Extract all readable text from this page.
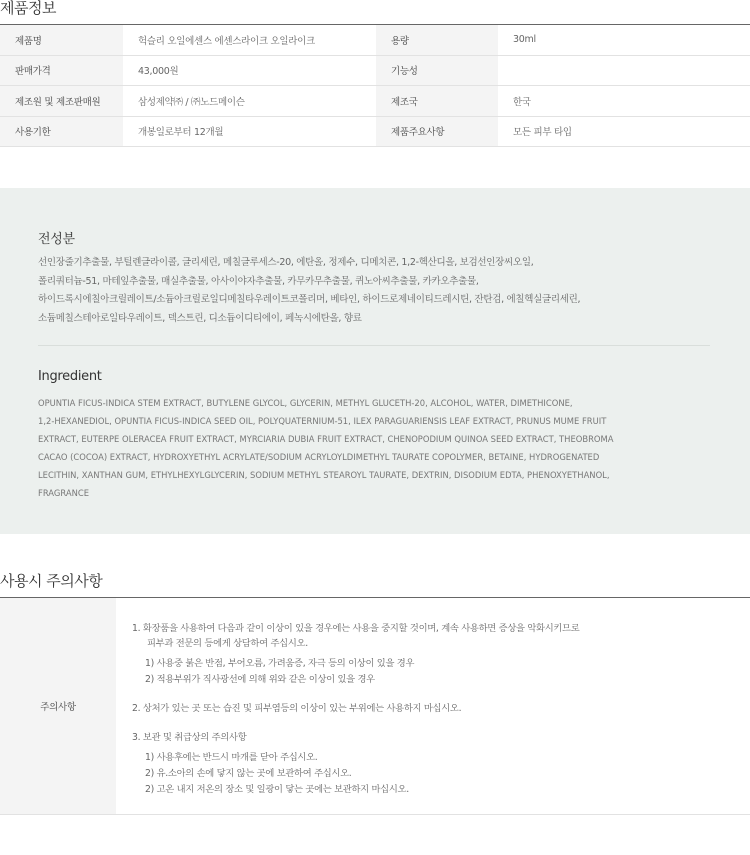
제품정보
제품명	헉슬리 오일에센스 에센스라이크 오일라이크	용량	30ml
판매가격	43,000원	기능성
제조원 및 제조판매원	삼성제약㈜ / ㈜노드메이슨	제조국	한국
사용기한	개봉일로부터 12개월	제품주요사항	모든 피부 타입
전성분
선인장줄기추출물, 부틸렌글라이콜, 글리세린, 메칠글루세스-20, 에탄올, 정제수, 디메치콘, 1,2-헥산디올, 보검선인장씨오일,
폴리쿼터늄-51, 마테잎추출물, 매실추출물, 아사이야자추출물, 카무카무추출물, 퀴노아씨추출물, 카카오추출물,
하이드록시에칠아크릴레이트/소듐아크릴로일디메칠타우레이트코폴리머, 베타인, 하이드로제네이티드레시틴, 잔탄검, 에칠헥실글리세린,
소듐메칠스테아로일타우레이트, 덱스트린, 디소듐이디티에이, 페녹시에탄올, 향료
Ingredient
OPUNTIA FICUS-INDICA STEM EXTRACT, BUTYLENE GLYCOL, GLYCERIN, METHYL GLUCETH-20, ALCOHOL, WATER, DIMETHICONE,
1,2-HEXANEDIOL, OPUNTIA FICUS-INDICA SEED OIL, POLYQUATERNIUM-51, ILEX PARAGUARIENSIS LEAF EXTRACT, PRUNUS MUME FRUIT
EXTRACT, EUTERPE OLERACEA FRUIT EXTRACT, MYRCIARIA DUBIA FRUIT EXTRACT, CHENOPODIUM QUINOA SEED EXTRACT, THEOBROMA
CACAO (COCOA) EXTRACT, HYDROXYETHYL ACRYLATE/SODIUM ACRYLOYLDIMETHYL TAURATE COPOLYMER, BETAINE, HYDROGENATED
LECITHIN, XANTHAN GUM, ETHYLHEXYLGLYCERIN, SODIUM METHYL STEAROYL TAURATE, DEXTRIN, DISODIUM EDTA, PHENOXYETHANOL,
FRAGRANCE
사용시 주의사항
주의사항
1. 화장품을 사용하여 다음과 같이 이상이 있을 경우에는 사용을 중지할 것이며, 계속 사용하면 증상을 악화시키므로
피부과 전문의 등에게 상담하여 주십시오.
1) 사용중 붉은 반점, 부어오름, 가려움증, 자극 등의 이상이 있을 경우
2) 적용부위가 직사광선에 의해 위와 같은 이상이 있을 경우
2. 상처가 있는 곳 또는 습진 및 피부염등의 이상이 있는 부위에는 사용하지 마십시오.
3. 보관 및 취급상의 주의사항
1) 사용후에는 반드시 마개를 닫아 주십시오.
2) 유.소아의 손에 닿지 않는 곳에 보관하여 주십시오.
2) 고온 내지 저온의 장소 및 일광이 닿는 곳에는 보관하지 마십시오.
